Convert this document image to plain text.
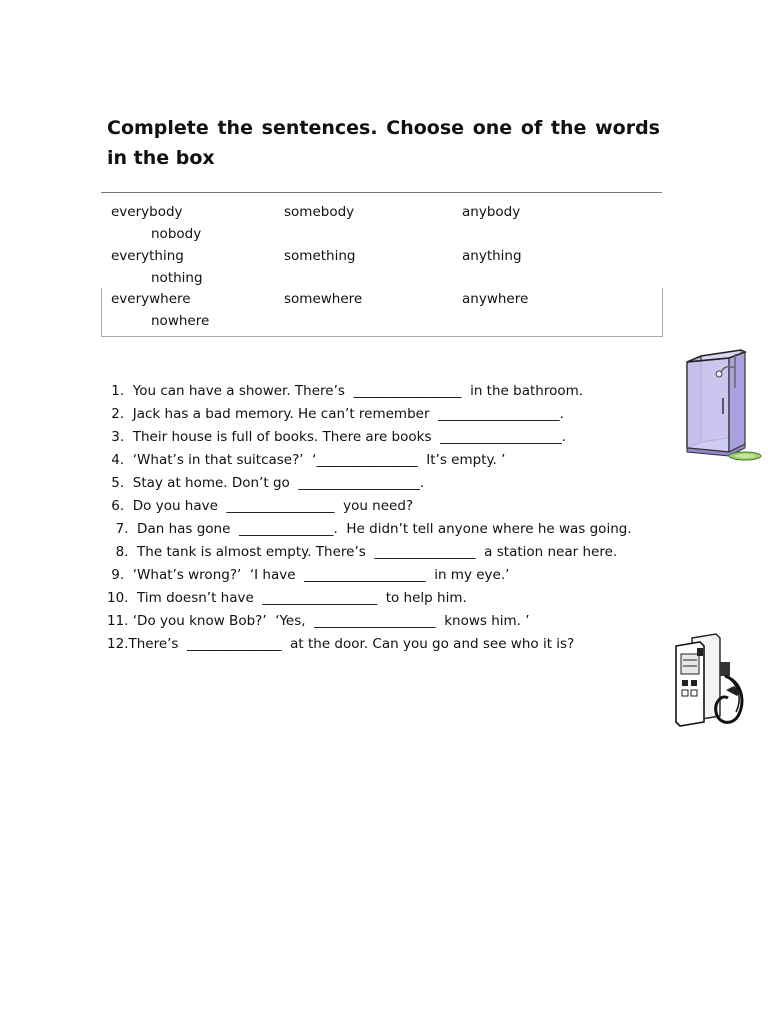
Complete the sentences. Choose one of the words in the box
everybody	somebody	anybody
nobody
everything	something	anything
nothing
everywhere	somewhere	anywhere
nowhere

1.  You can have a shower. There’s  ________________  in the bathroom.

2.  Jack has a bad memory. He can’t remember  __________________.

3.  Their house is full of books. There are books  __________________.

4.  ‘What’s in that suitcase?’  ‘_______________  It’s empty. ’

5.  Stay at home. Don’t go  __________________.

6.  Do you have  ________________  you need?

7.  Dan has gone  ______________.  He didn’t tell anyone where he was going.

8.  The tank is almost empty. There’s  _______________  a station near here.

9.  ‘What’s wrong?’  ‘I have  __________________  in my eye.’

10.  Tim doesn’t have  _________________  to help him.

11. ‘Do you know Bob?’  ‘Yes,  __________________  knows him. ’

12.There’s  ______________  at the door. Can you go and see who it is?
